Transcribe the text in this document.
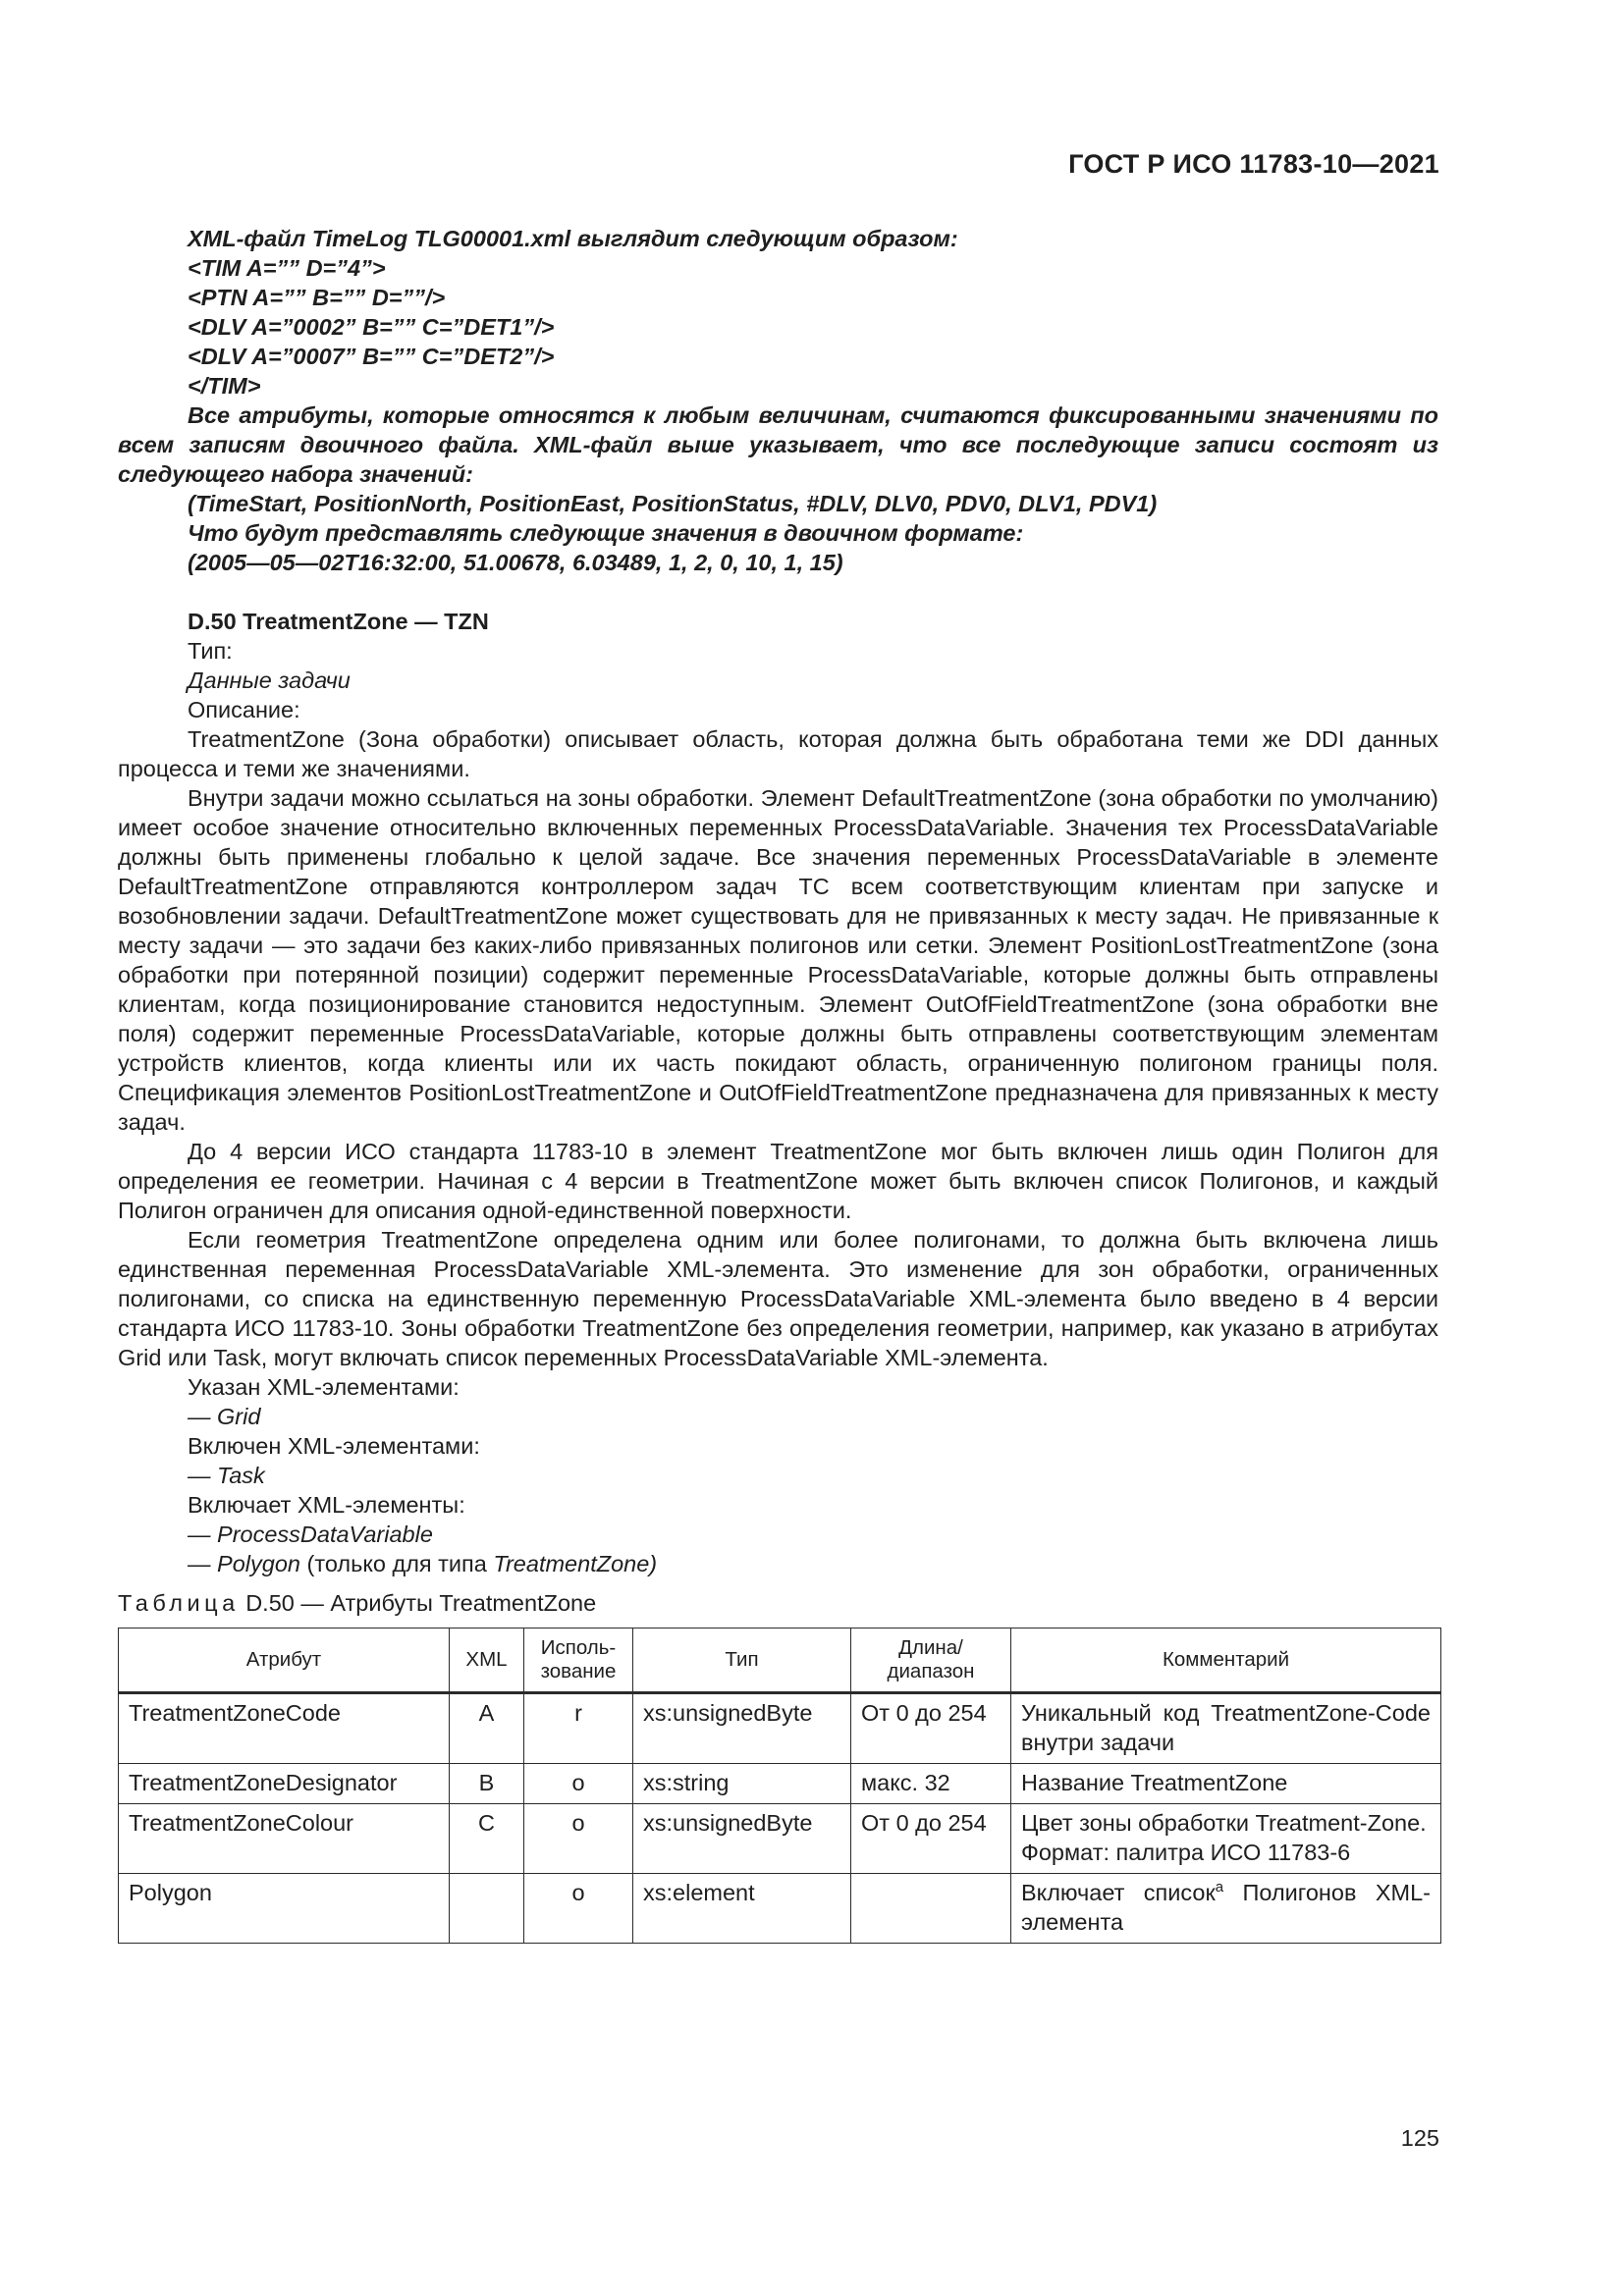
ГОСТ Р ИСО 11783-10—2021
XML-файл TimeLog TLG00001.xml выглядит следующим образом:
<TIM A=”” D=”4”>
<PTN A=”” B=”” D=””/>
<DLV A=”0002” B=”” C=”DET1”/>
<DLV A=”0007” B=”” C=”DET2”/>
</TIM>

Все атрибуты, которые относятся к любым величинам, считаются фиксированными значениями по всем записям двоичного файла. XML-файл выше указывает, что все последующие записи состоят из следующего набора значений:

(TimeStart, PositionNorth, PositionEast, PositionStatus, #DLV, DLV0, PDV0, DLV1, PDV1)
Что будут представлять следующие значения в двоичном формате:
(2005—05—02T16:32:00, 51.00678, 6.03489, 1, 2, 0, 10, 1, 15)
D.50 TreatmentZone — TZN
Тип:
Данные задачи
Описание:

TreatmentZone (Зона обработки) описывает область, которая должна быть обработана теми же DDI данных процесса и теми же значениями.

Внутри задачи можно ссылаться на зоны обработки. Элемент DefaultTreatmentZone (зона обработки по умолчанию) имеет особое значение относительно включенных переменных ProcessDataVariable. Значения тех ProcessDataVariable должны быть применены глобально к целой задаче. Все значения переменных ProcessDataVariable в элементе DefaultTreatmentZone отправляются контроллером задач TC всем соответствующим клиентам при запуске и возобновлении задачи. DefaultTreatmentZone может существовать для не привязанных к месту задач. Не привязанные к месту задачи — это задачи без каких-либо привязанных полигонов или сетки. Элемент PositionLostTreatmentZone (зона обработки при потерянной позиции) содержит переменные ProcessDataVariable, которые должны быть отправлены клиентам, когда позиционирование становится недоступным. Элемент OutOfFieldTreatmentZone (зона обработки вне поля) содержит переменные ProcessDataVariable, которые должны быть отправлены соответствующим элементам устройств клиентов, когда клиенты или их часть покидают область, ограниченную полигоном границы поля. Спецификация элементов PositionLostTreatmentZone и OutOfFieldTreatmentZone предназначена для привязанных к месту задач.

До 4 версии ИСО стандарта 11783-10 в элемент TreatmentZone мог быть включен лишь один Полигон для определения ее геометрии. Начиная с 4 версии в TreatmentZone может быть включен список Полигонов, и каждый Полигон ограничен для описания одной-единственной поверхности.

Если геометрия TreatmentZone определена одним или более полигонами, то должна быть включена лишь единственная переменная ProcessDataVariable XML-элемента. Это изменение для зон обработки, ограниченных полигонами, со списка на единственную переменную ProcessDataVariable XML-элемента было введено в 4 версии стандарта ИСО 11783-10. Зоны обработки TreatmentZone без определения геометрии, например, как указано в атрибутах Grid или Task, могут включать список переменных ProcessDataVariable XML-элемента.

Указан XML-элементами:
— Grid
Включен XML-элементами:
— Task
Включает XML-элементы:
— ProcessDataVariable
— Polygon (только для типа TreatmentZone)
Таблица D.50 — Атрибуты TreatmentZone
Атрибут	XML	Исполь-зование	Тип	Длина/ диапазон	Комментарий
TreatmentZoneCode	A	r	xs:unsignedByte	От 0 до 254	Уникальный код TreatmentZone-Code внутри задачи
TreatmentZoneDesignator	B	o	xs:string	макс. 32	Название TreatmentZone
TreatmentZoneColour	C	o	xs:unsignedByte	От 0 до 254	Цвет зоны обработки Treatment-Zone.
Формат: палитра ИСО 11783-6

Polygon		o	xs:element		Включает список$^a$ Полигонов XML-элемента
125
